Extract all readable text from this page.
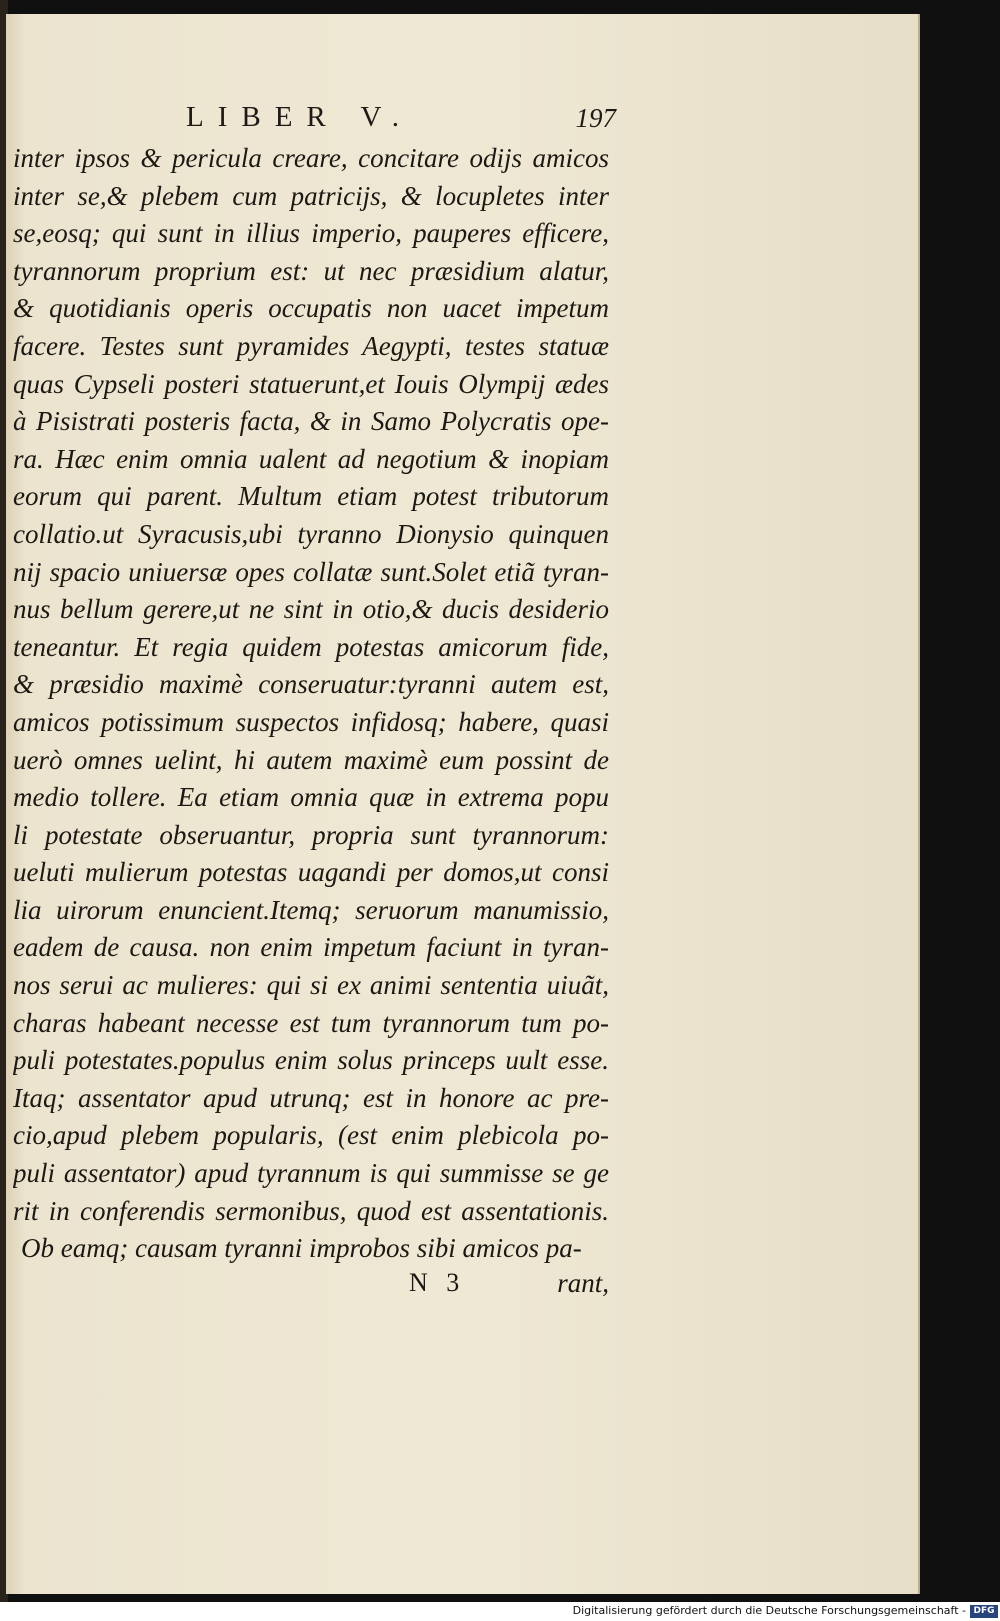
LIBER V.	197
inter ipsos & pericula creare, concitare odijs amicos
inter se,& plebem cum patricijs, & locupletes inter
se,eosq; qui sunt in illius imperio, pauperes efficere,
tyrannorum proprium est: ut nec præsidium alatur,
& quotidianis operis occupatis non uacet impetum
facere. Testes sunt pyramides Aegypti, testes statuæ
quas Cypseli posteri statuerunt,et Iouis Olympij ædes
à Pisistrati posteris facta, & in Samo Polycratis ope-
ra. Hæc enim omnia ualent ad negotium & inopiam
eorum qui parent. Multum etiam potest tributorum
collatio.ut Syracusis,ubi tyranno Dionysio quinquen
nij spacio uniuersæ opes collatæ sunt.Solet etiã tyran-
nus bellum gerere,ut ne sint in otio,& ducis desiderio
teneantur. Et regia quidem potestas amicorum fide,
& præsidio maximè conseruatur:tyranni autem est,
amicos potissimum suspectos infidosq; habere, quasi
uerò omnes uelint, hi autem maximè eum possint de
medio tollere. Ea etiam omnia quæ in extrema popu
li potestate obseruantur, propria sunt tyrannorum:
ueluti mulierum potestas uagandi per domos,ut consi
lia uirorum enuncient.Itemq; seruorum manumissio,
eadem de causa. non enim impetum faciunt in tyran-
nos serui ac mulieres: qui si ex animi sententia uiuãt,
charas habeant necesse est tum tyrannorum tum po-
puli potestates.populus enim solus princeps uult esse.
Itaq; assentator apud utrunq; est in honore ac pre-
cio,apud plebem popularis, (est enim plebicola po-
puli assentator) apud tyrannum is qui summisse se ge
rit in conferendis sermonibus, quod est assentationis.
Ob eamq; causam tyranni improbos sibi amicos pa-
N 3	rant,
Digitalisierung gefördert durch die Deutsche Forschungsgemeinschaft - DFG
